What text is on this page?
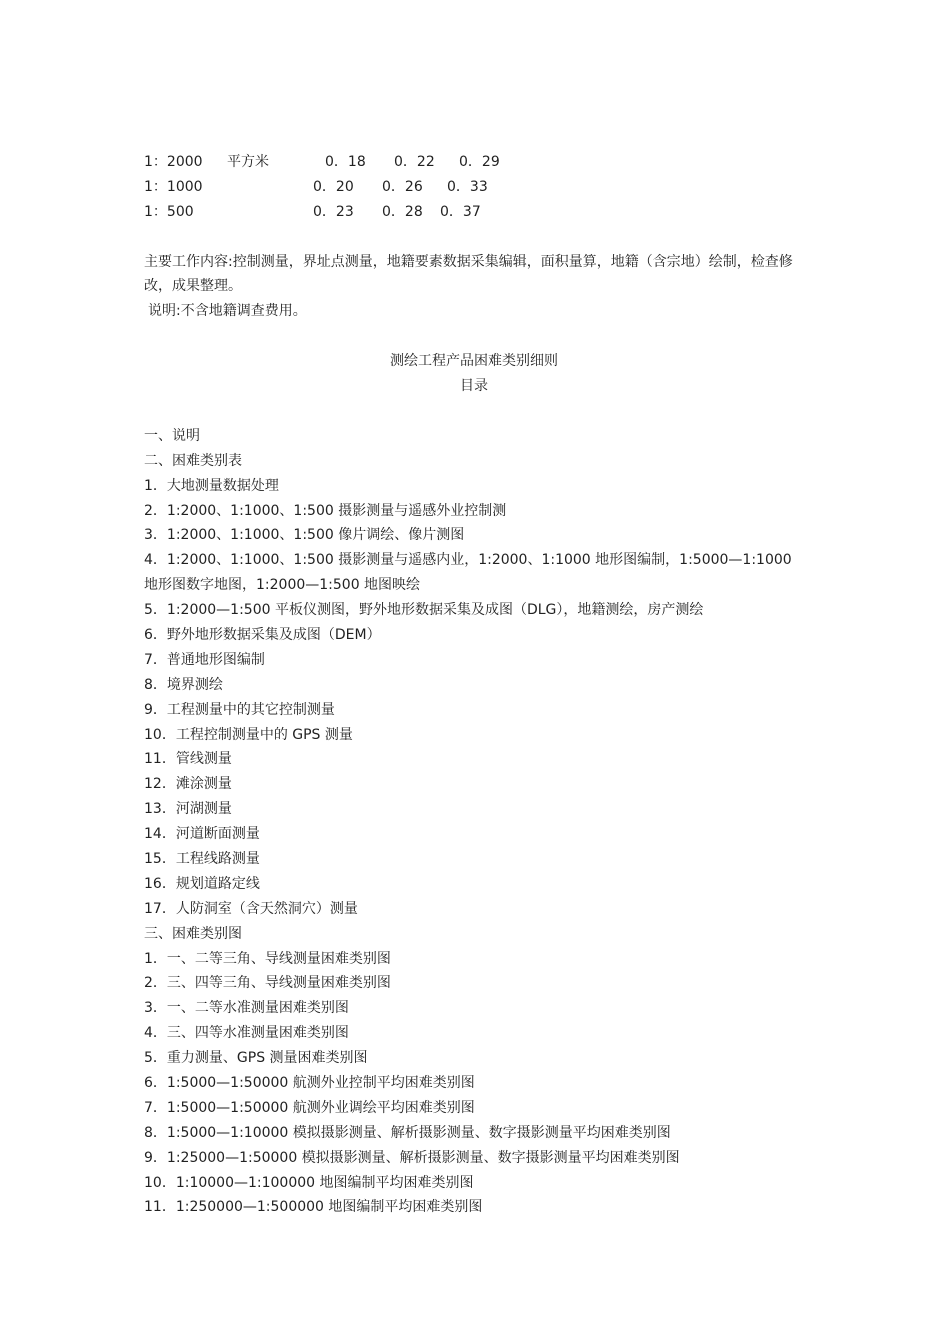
1：2000 平方米	0．18 0．22 0．29
1：1000	0．20 0．26 0．33
1：500	0．23 0．28 0．37
主要工作内容:控制测量，界址点测量，地籍要素数据采集编辑，面积量算，地籍（含宗地）绘制，检查修改，成果整理。
说明:不含地籍调查费用。
测绘工程产品困难类别细则
目录
一、说明
二、困难类别表
1．大地测量数据处理
2．1:2000、1:1000、1:500 摄影测量与遥感外业控制测
3．1:2000、1:1000、1:500 像片调绘、像片测图
4．1:2000、1:1000、1:500 摄影测量与遥感内业，1:2000、1:1000 地形图编制，1:5000—1:1000 地形图数字地图，1:2000—1:500 地图映绘
5．1:2000—1:500 平板仪测图，野外地形数据采集及成图（DLG），地籍测绘，房产测绘
6．野外地形数据采集及成图（DEM）
7．普通地形图编制
8．境界测绘
9．工程测量中的其它控制测量
10．工程控制测量中的 GPS 测量
11．管线测量
12．滩涂测量
13．河湖测量
14．河道断面测量
15．工程线路测量
16．规划道路定线
17．人防洞室（含天然洞穴）测量
三、困难类别图
1．一、二等三角、导线测量困难类别图
2．三、四等三角、导线测量困难类别图
3．一、二等水准测量困难类别图
4．三、四等水准测量困难类别图
5．重力测量、GPS 测量困难类别图
6．1:5000—1:50000 航测外业控制平均困难类别图
7．1:5000—1:50000 航测外业调绘平均困难类别图
8．1:5000—1:10000 模拟摄影测量、解析摄影测量、数字摄影测量平均困难类别图
9．1:25000—1:50000 模拟摄影测量、解析摄影测量、数字摄影测量平均困难类别图
10．1:10000—1:100000 地图编制平均困难类别图
11．1:250000—1:500000 地图编制平均困难类别图
